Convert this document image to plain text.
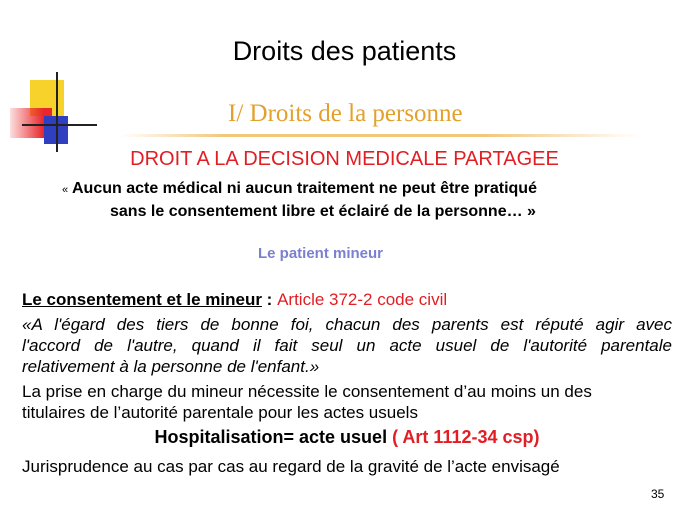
Droits des patients
I/ Droits de la personne
DROIT A LA DECISION MEDICALE PARTAGEE
« Aucun acte médical ni aucun traitement ne peut être pratiqué
sans le consentement libre et éclairé de la personne… »
Le patient mineur
Le consentement et le mineur : Article 372-2 code civil
«A l'égard des tiers de bonne foi, chacun des parents est réputé agir avec
l'accord de l'autre, quand il fait seul un acte usuel de l'autorité parentale
relativement à la personne de l'enfant.»
La prise en charge du mineur nécessite le consentement d’au moins un des
titulaires de l’autorité parentale pour les actes usuels
Hospitalisation= acte usuel ( Art 1112-34 csp)
Jurisprudence au cas par cas au regard de la gravité de l’acte envisagé
35
